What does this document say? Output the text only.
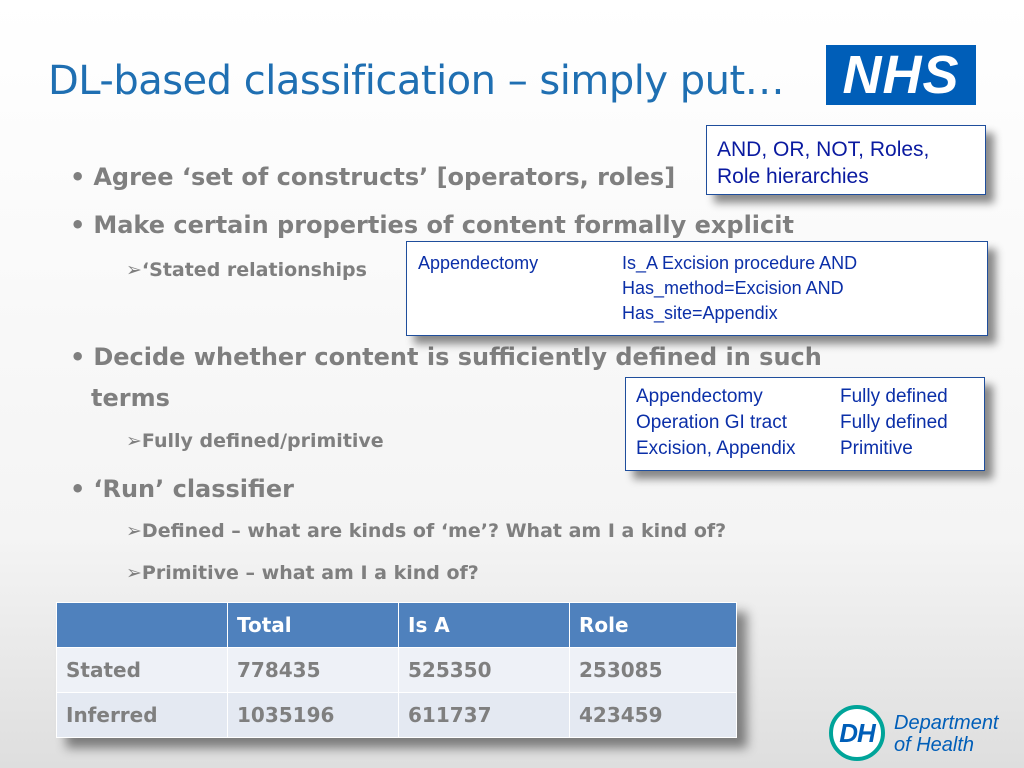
DL-based classification – simply put…	NHS
• Agree ‘set of constructs’ [operators, roles]
• Make certain properties of content formally explicit
➢‘Stated relationships
• Decide whether content is sufficiently defined in such
terms
➢Fully defined/primitive
• ‘Run’ classifier
➢Defined – what are kinds of ‘me’? What am I a kind of?
➢Primitive – what am I a kind of?
AND, OR, NOT, Roles,
Role hierarchies
Appendectomy	Is_A Excision procedure AND
Has_method=Excision AND
Has_site=Appendix
Appendectomy	Fully defined
Operation GI tract	Fully defined
Excision, Appendix	Primitive
	Total	Is A	Role
Stated	778435	525350	253085
Inferred	1035196	611737	423459
DH Department
of Health
